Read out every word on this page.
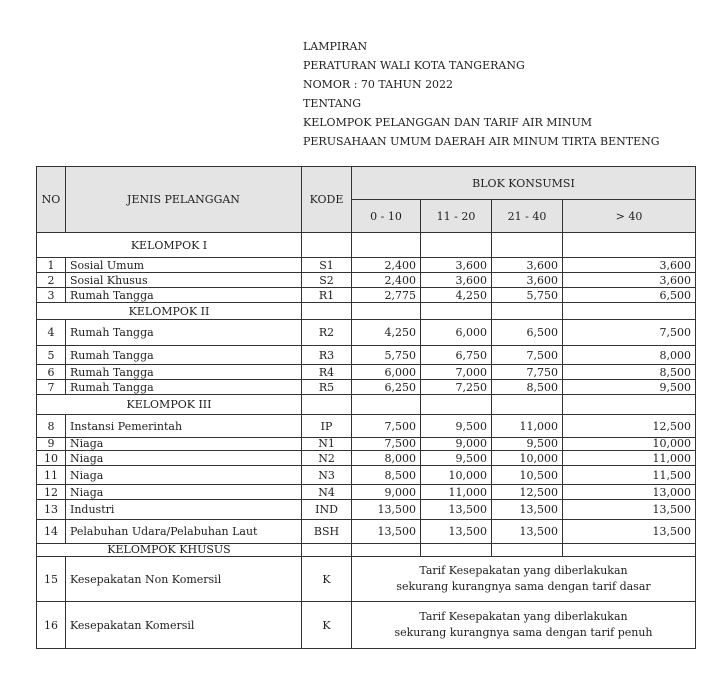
LAMPIRAN
PERATURAN WALI KOTA TANGERANG
NOMOR : 70 TAHUN 2022
TENTANG
KELOMPOK PELANGGAN DAN TARIF AIR MINUM
PERUSAHAAN UMUM DAERAH AIR MINUM TIRTA BENTENG
NO	JENIS PELANGGAN	KODE	BLOK KONSUMSI			
			0 - 10	11 - 20	21 - 40	> 40
KELOMPOK I						
1	Sosial Umum	S1	2,400	3,600	3,600	3,600
2	Sosial Khusus	S2	2,400	3,600	3,600	3,600
3	Rumah Tangga	R1	2,775	4,250	5,750	6,500
KELOMPOK II						
4	Rumah Tangga	R2	4,250	6,000	6,500	7,500
5	Rumah Tangga	R3	5,750	6,750	7,500	8,000
6	Rumah Tangga	R4	6,000	7,000	7,750	8,500
7	Rumah Tangga	R5	6,250	7,250	8,500	9,500
KELOMPOK III						
8	Instansi Pemerintah	IP	7,500	9,500	11,000	12,500
9	Niaga	N1	7,500	9,000	9,500	10,000
10	Niaga	N2	8,000	9,500	10,000	11,000
11	Niaga	N3	8,500	10,000	10,500	11,500
12	Niaga	N4	9,000	11,000	12,500	13,000
13	Industri	IND	13,500	13,500	13,500	13,500
14	Pelabuhan Udara/Pelabuhan Laut	BSH	13,500	13,500	13,500	13,500
KELOMPOK KHUSUS						
15	Kesepakatan Non Komersil	K	Tarif Kesepakatan yang diberlakukan
sekurang kurangnya sama dengan tarif dasar			

16	Kesepakatan Komersil	K	Tarif Kesepakatan yang diberlakukan
sekurang kurangnya sama dengan tarif penuh			
